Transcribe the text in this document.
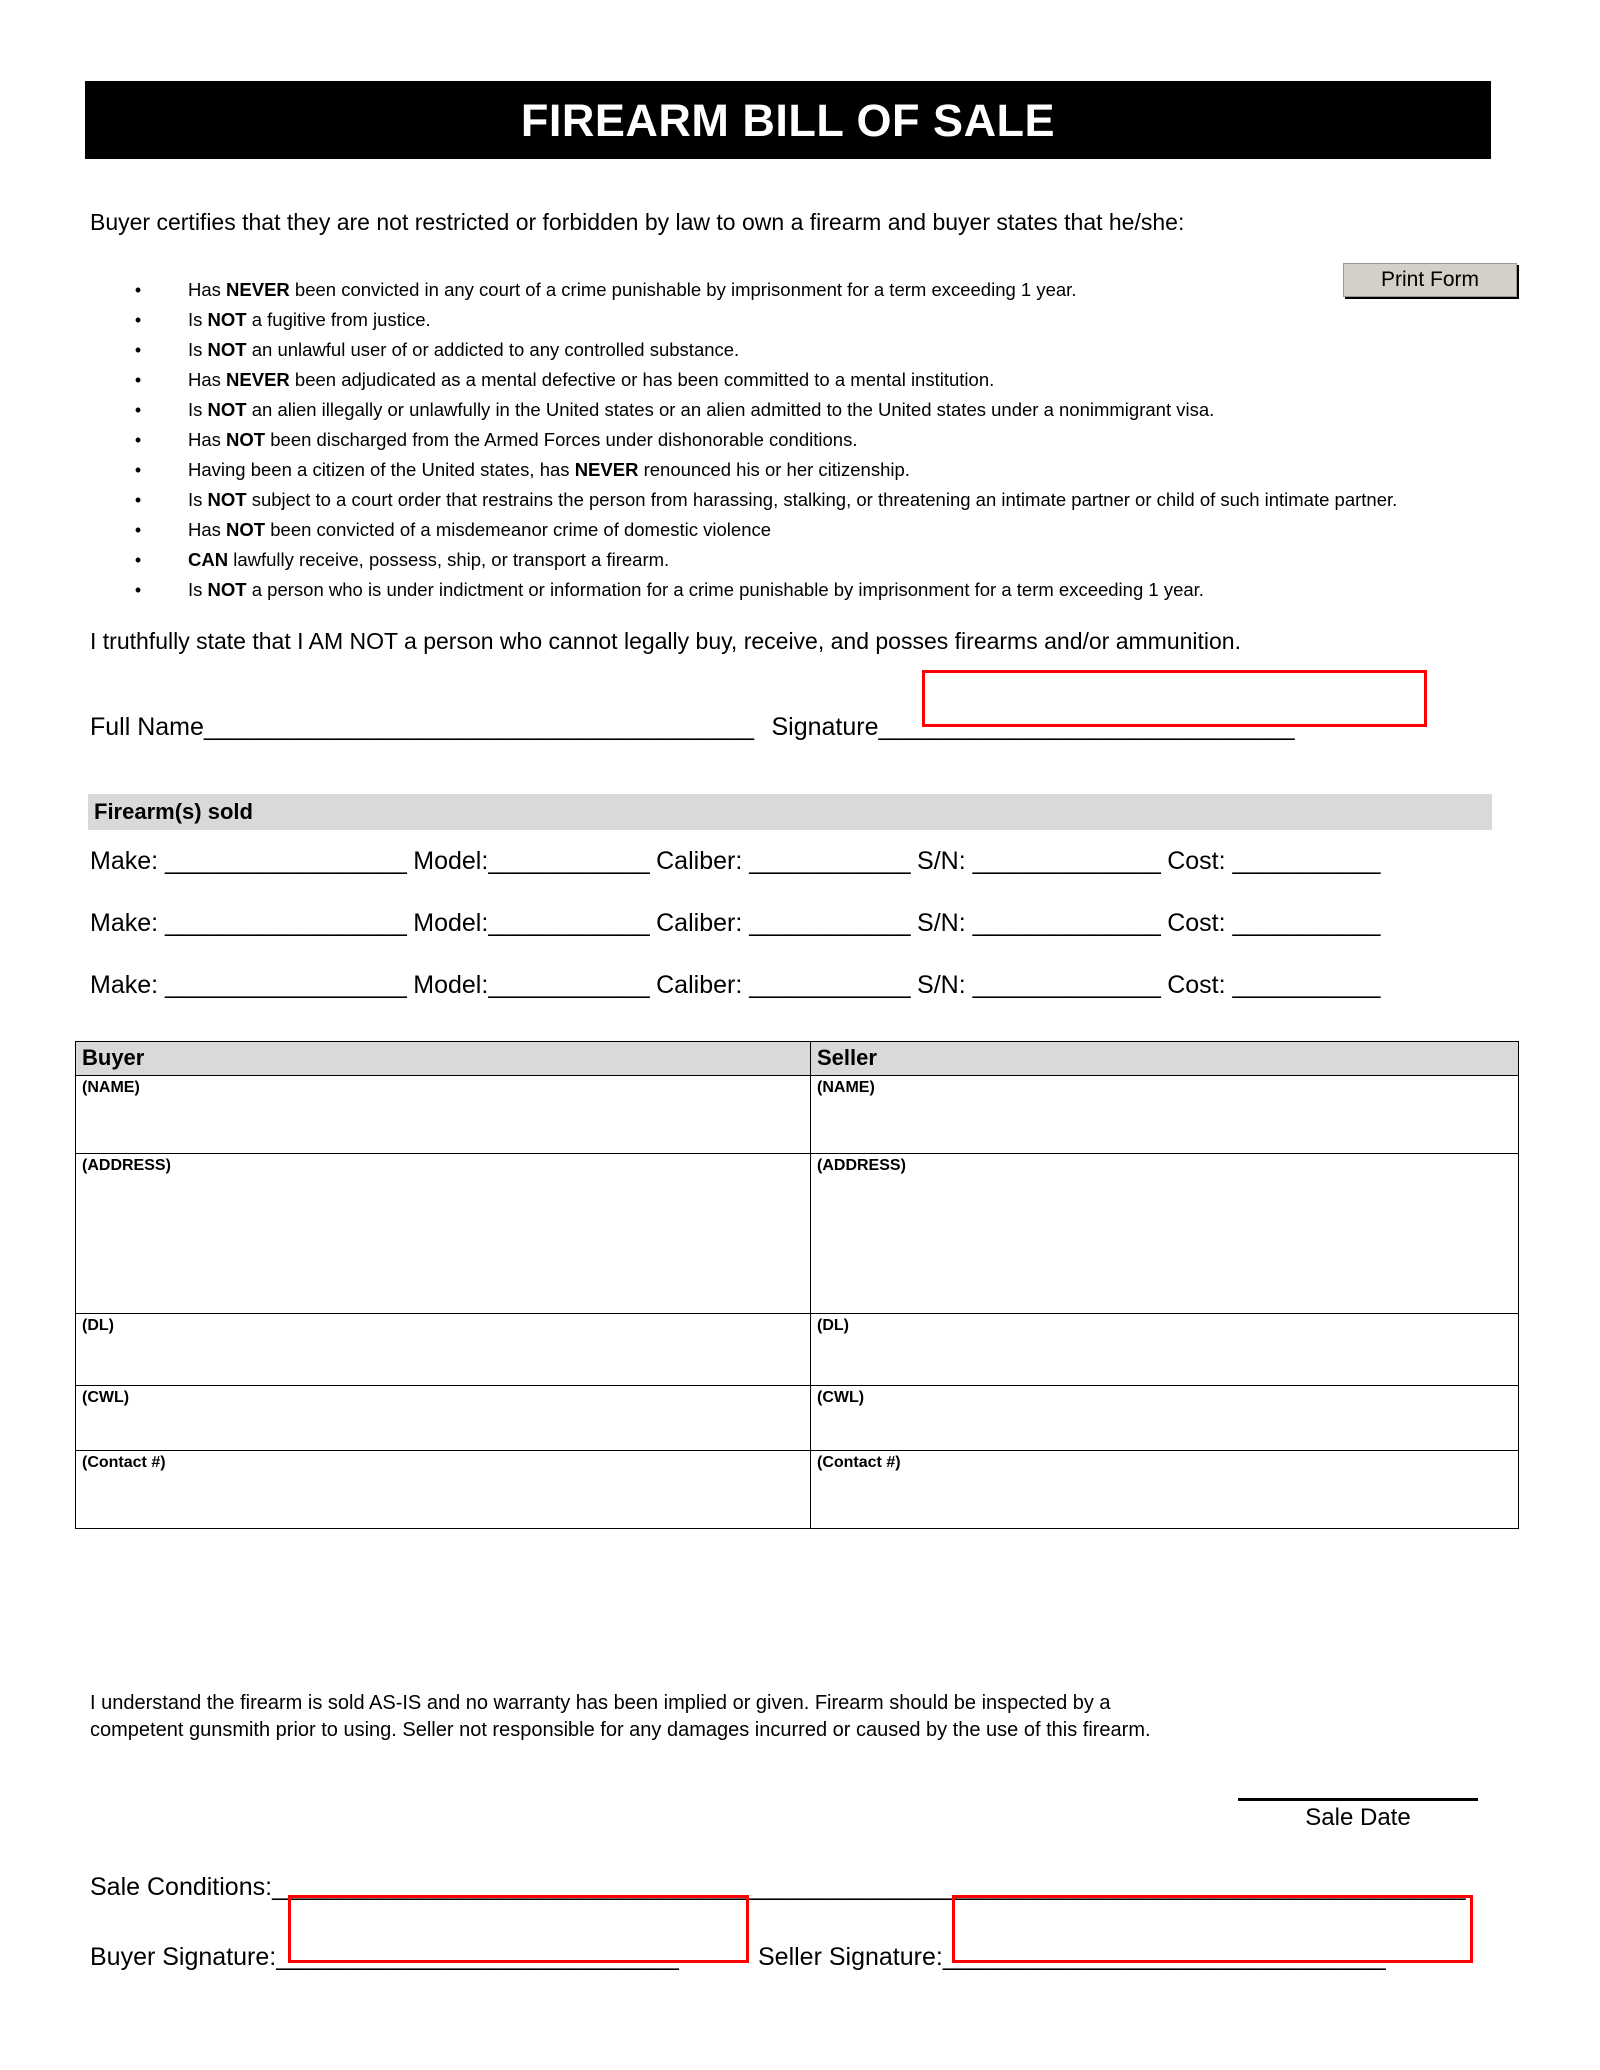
FIREARM BILL OF SALE
Buyer certifies that they are not restricted or forbidden by law to own a firearm and buyer states that he/she:
Print Form
•	Has NEVER been convicted in any court of a crime punishable by imprisonment for a term exceeding 1 year.
•	Is NOT a fugitive from justice.
•	Is NOT an unlawful user of or addicted to any controlled substance.
•	Has NEVER been adjudicated as a mental defective or has been committed to a mental institution.
•	Is NOT an alien illegally or unlawfully in the United states or an alien admitted to the United states under a nonimmigrant visa.
•	Has NOT been discharged from the Armed Forces under dishonorable conditions.
•	Having been a citizen of the United states, has NEVER renounced his or her citizenship.
•	Is NOT subject to a court order that restrains the person from harassing, stalking, or threatening an intimate partner or child of such intimate partner.
•	Has NOT been convicted of a misdemeanor crime of domestic violence
•	CAN lawfully receive, possess, ship, or transport a firearm.
•	Is NOT a person who is under indictment or information for a crime punishable by imprisonment for a term exceeding 1 year.
I truthfully state that I AM NOT a person who cannot legally buy, receive, and posses firearms and/or ammunition.
Full Name_________________________________________ Signature_______________________________
Firearm(s) sold
Make: __________________ Model:____________ Caliber: ____________ S/N: ______________ Cost: ___________
Make: __________________ Model:____________ Caliber: ____________ S/N: ______________ Cost: ___________
Make: __________________ Model:____________ Caliber: ____________ S/N: ______________ Cost: ___________
Buyer	Seller
(NAME)	(NAME)
(ADDRESS)	(ADDRESS)
(DL)	(DL)
(CWL)	(CWL)
(Contact #)	(Contact #)
I understand the firearm is sold AS-IS and no warranty has been implied or given. Firearm should be inspected by a
competent gunsmith prior to using. Seller not responsible for any damages incurred or caused by the use of this firearm.
Sale Date
Sale Conditions:_________________________________________________________________________________________
Buyer Signature:______________________________	Seller Signature:_________________________________
